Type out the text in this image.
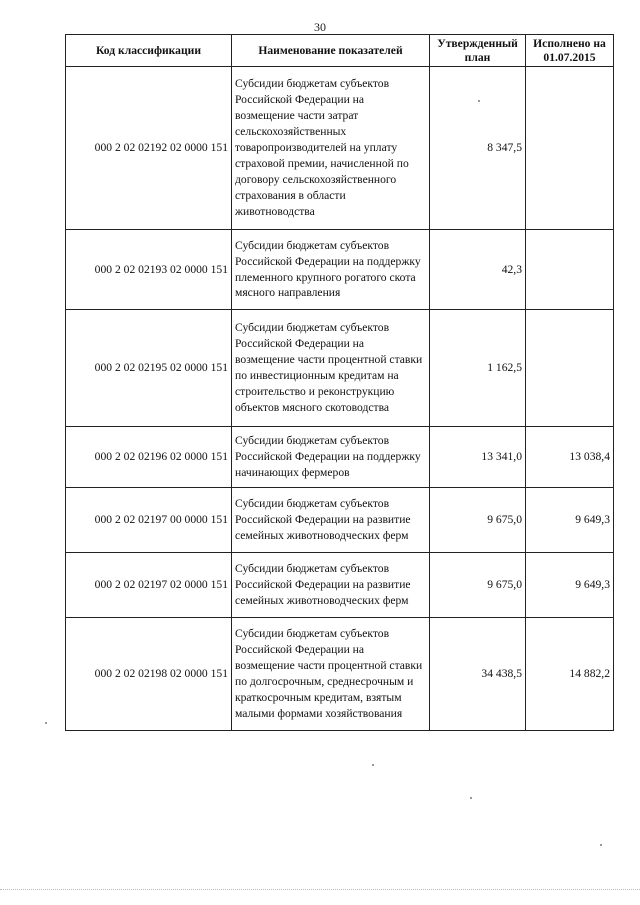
30
Код классификации	Наименование показателей	Утвержденный план	Исполнено на 01.07.2015
000 2 02 02192 02 0000 151	Субсидии бюджетам субъектов Российской Федерации на возмещение части затрат сельскохозяйственных товаропроизводителей на уплату страховой премии, начисленной по договору сельскохозяйственного страхования в области животноводства	8 347,5	
000 2 02 02193 02 0000 151	Субсидии бюджетам субъектов Российской Федерации на поддержку племенного крупного рогатого скота мясного направления	42,3	
000 2 02 02195 02 0000 151	Субсидии бюджетам субъектов Российской Федерации на возмещение части процентной ставки по инвестиционным кредитам на строительство и реконструкцию объектов мясного скотоводства	1 162,5	
000 2 02 02196 02 0000 151	Субсидии бюджетам субъектов Российской Федерации на поддержку начинающих фермеров	13 341,0	13 038,4
000 2 02 02197 00 0000 151	Субсидии бюджетам субъектов Российской Федерации на развитие семейных животноводческих ферм	9 675,0	9 649,3
000 2 02 02197 02 0000 151	Субсидии бюджетам субъектов Российской Федерации на развитие семейных животноводческих ферм	9 675,0	9 649,3
000 2 02 02198 02 0000 151	Субсидии бюджетам субъектов Российской Федерации на возмещение части процентной ставки по долгосрочным, среднесрочным и краткосрочным кредитам, взятым малыми формами хозяйствования	34 438,5	14 882,2
